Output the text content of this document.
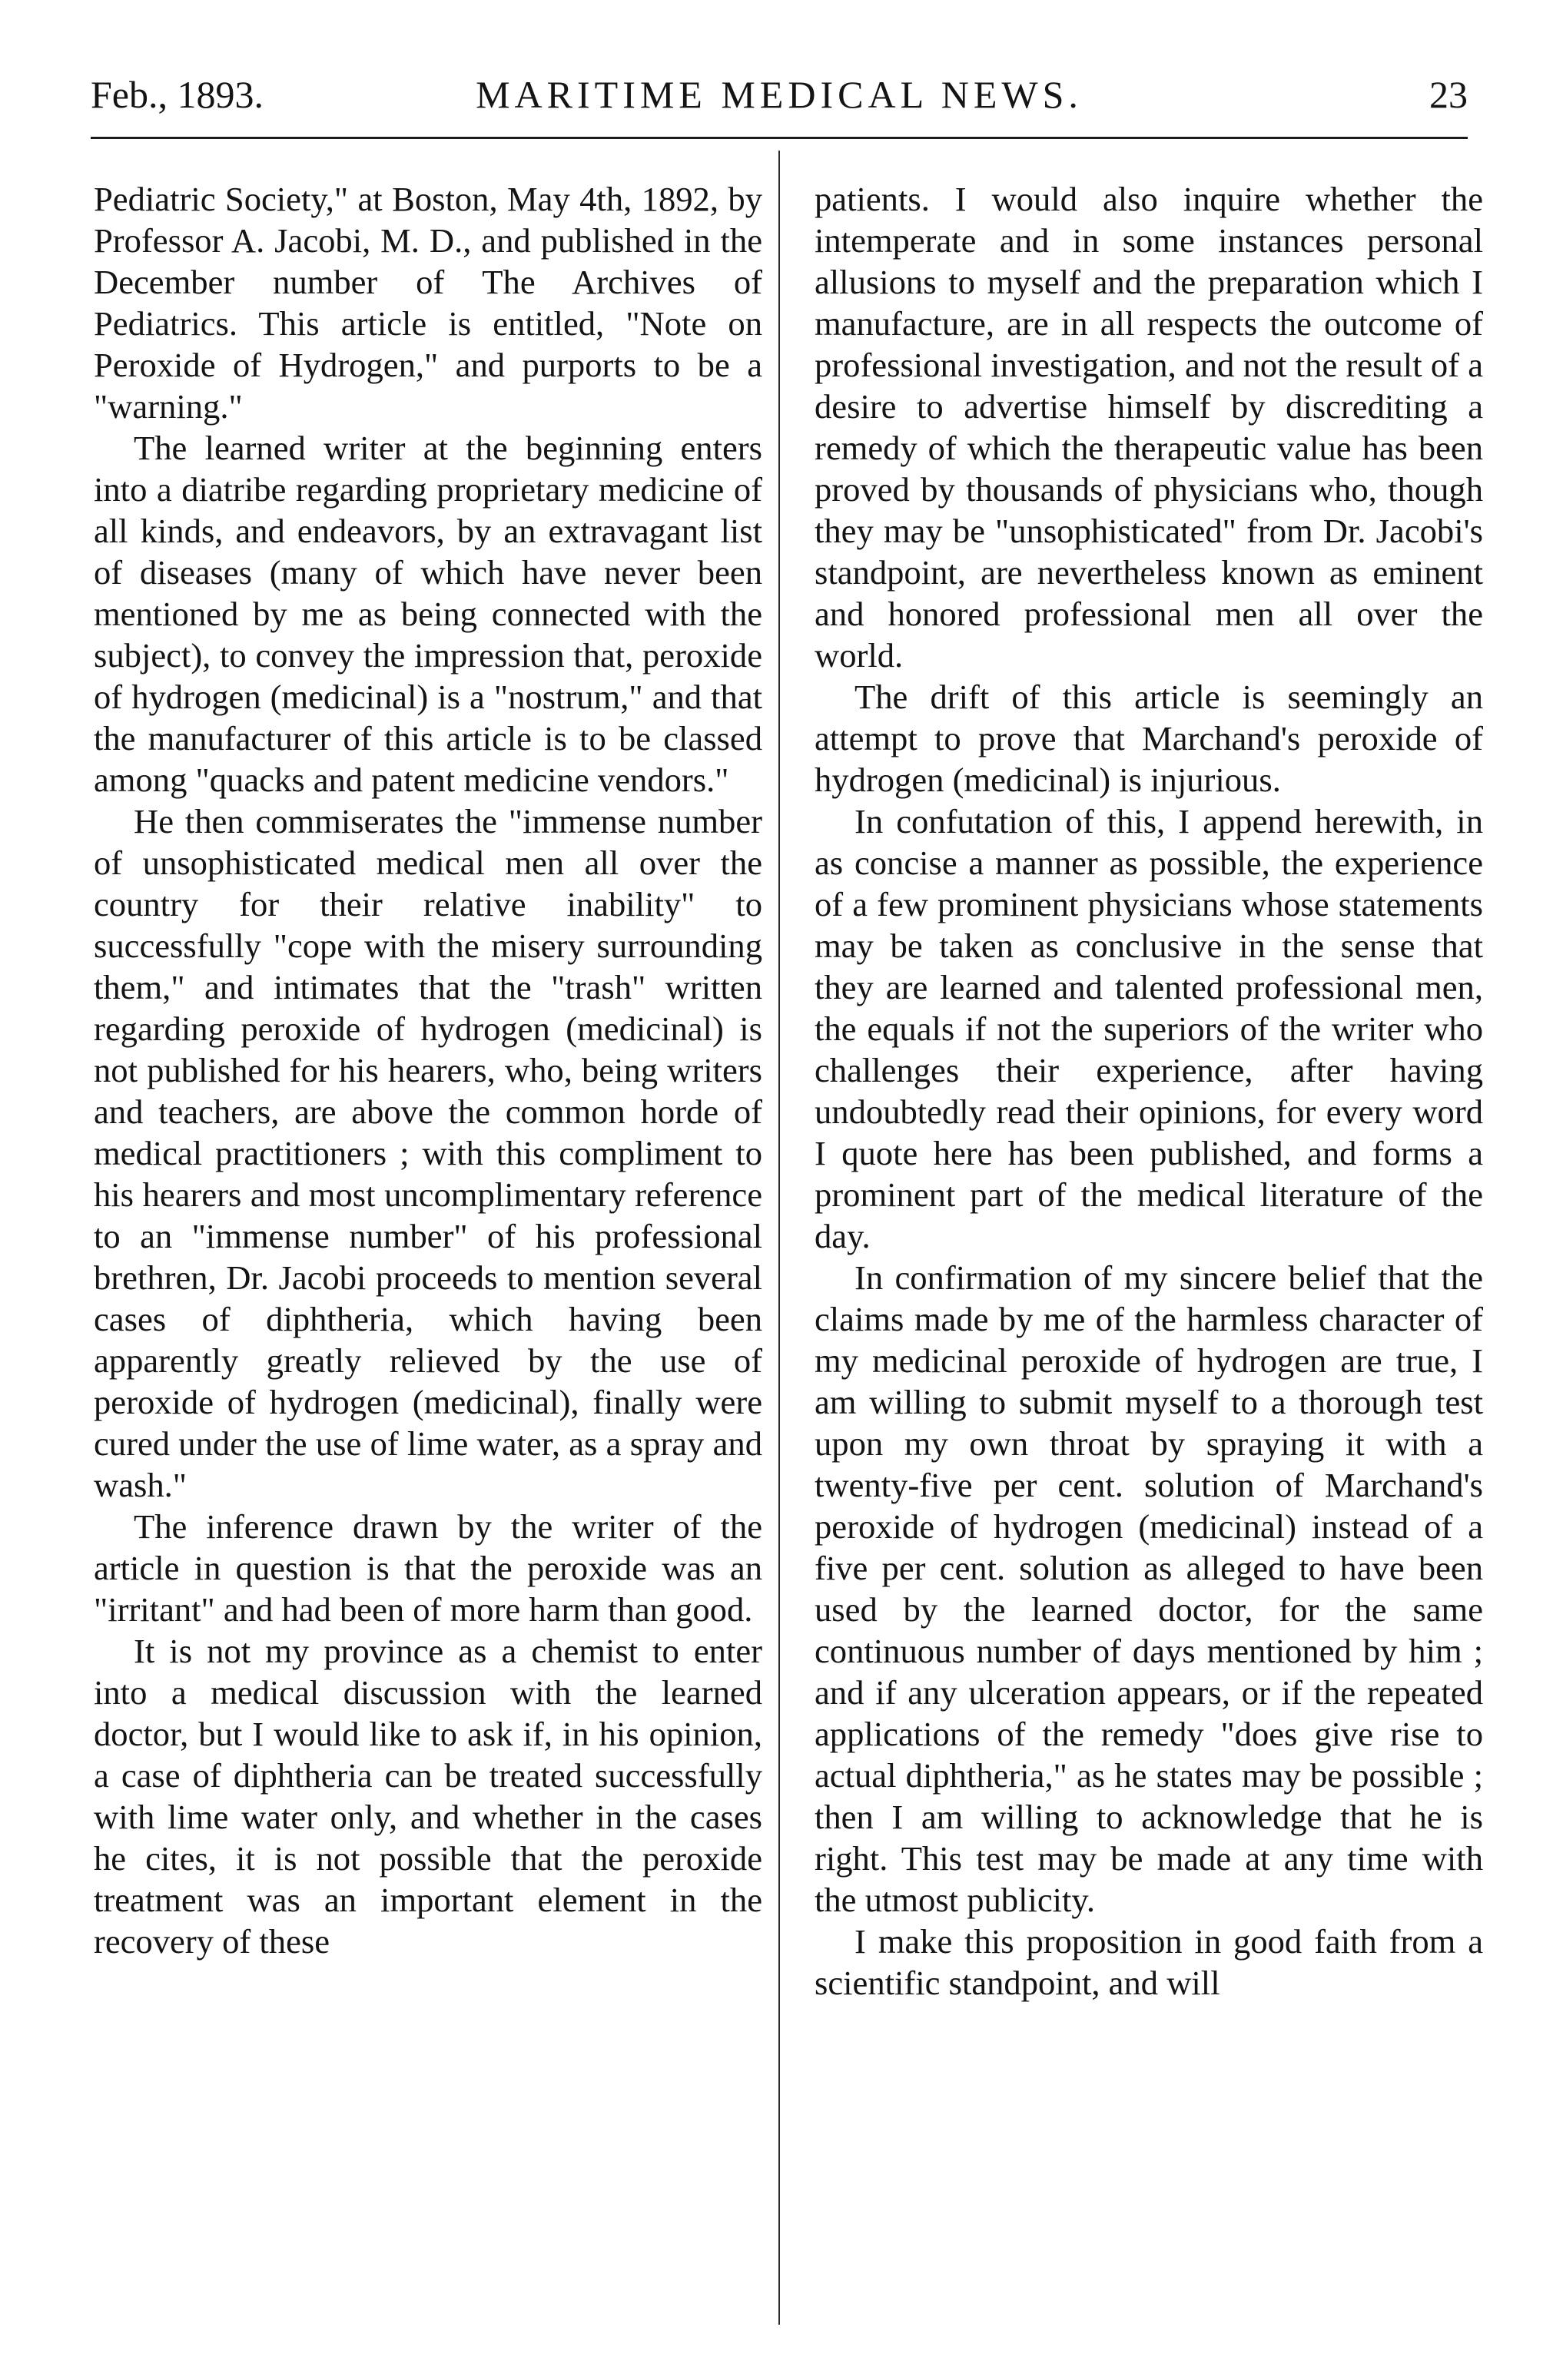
Feb., 1893.	MARITIME MEDICAL NEWS.	23

Pediatric Society," at Boston, May 4th, 1892, by Professor A. Jacobi, M. D., and published in the December number of The Archives of Pediatrics. This article is entitled, "Note on Peroxide of Hydrogen," and purports to be a "warning."

The learned writer at the beginning enters into a diatribe regarding proprietary medicine of all kinds, and endeavors, by an extravagant list of diseases (many of which have never been mentioned by me as being connected with the subject), to convey the impression that, peroxide of hydrogen (medicinal) is a "nostrum," and that the manufacturer of this article is to be classed among "quacks and patent medicine vendors."

He then commiserates the "immense number of unsophisticated medical men all over the country for their relative inability" to successfully "cope with the misery surrounding them," and intimates that the "trash" written regarding peroxide of hydrogen (medicinal) is not published for his hearers, who, being writers and teachers, are above the common horde of medical practitioners ; with this compliment to his hearers and most uncomplimentary reference to an "immense number" of his professional brethren, Dr. Jacobi proceeds to mention several cases of diphtheria, which having been apparently greatly relieved by the use of peroxide of hydrogen (medicinal), finally were cured under the use of lime water, as a spray and wash."

The inference drawn by the writer of the article in question is that the peroxide was an "irritant" and had been of more harm than good.

It is not my province as a chemist to enter into a medical discussion with the learned doctor, but I would like to ask if, in his opinion, a case of diphtheria can be treated successfully with lime water only, and whether in the cases he cites, it is not possible that the peroxide treatment was an important element in the recovery of these

patients. I would also inquire whether the intemperate and in some instances personal allusions to myself and the preparation which I manufacture, are in all respects the outcome of professional investigation, and not the result of a desire to advertise himself by discrediting a remedy of which the therapeutic value has been proved by thousands of physicians who, though they may be "unsophisticated" from Dr. Jacobi's standpoint, are nevertheless known as eminent and honored professional men all over the world.

The drift of this article is seemingly an attempt to prove that Marchand's peroxide of hydrogen (medicinal) is injurious.

In confutation of this, I append herewith, in as concise a manner as possible, the experience of a few prominent physicians whose statements may be taken as conclusive in the sense that they are learned and talented professional men, the equals if not the superiors of the writer who challenges their experience, after having undoubtedly read their opinions, for every word I quote here has been published, and forms a prominent part of the medical literature of the day.

In confirmation of my sincere belief that the claims made by me of the harmless character of my medicinal peroxide of hydrogen are true, I am willing to submit myself to a thorough test upon my own throat by spraying it with a twenty-five per cent. solution of Marchand's peroxide of hydrogen (medicinal) instead of a five per cent. solution as alleged to have been used by the learned doctor, for the same continuous number of days mentioned by him ; and if any ulceration appears, or if the repeated applications of the remedy "does give rise to actual diphtheria," as he states may be possible ; then I am willing to acknowledge that he is right. This test may be made at any time with the utmost publicity.

I make this proposition in good faith from a scientific standpoint, and will
